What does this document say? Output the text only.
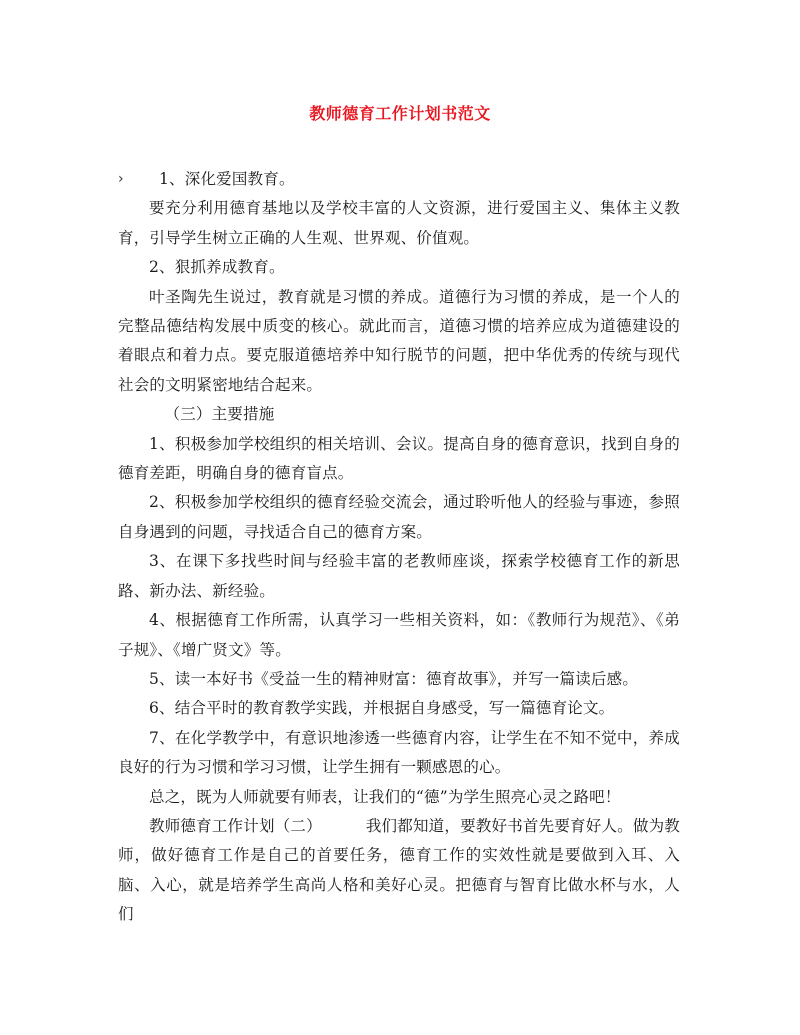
教师德育工作计划书范文
›	1、深化爱国教育。

要充分利用德育基地以及学校丰富的人文资源，进行爱国主义、集体主义教育，引导学生树立正确的人生观、世界观、价值观。

2、狠抓养成教育。

叶圣陶先生说过，教育就是习惯的养成。道德行为习惯的养成，是一个人的完整品德结构发展中质变的核心。就此而言，道德习惯的培养应成为道德建设的着眼点和着力点。要克服道德培养中知行脱节的问题，把中华优秀的传统与现代社会的文明紧密地结合起来。

（三）主要措施

1、积极参加学校组织的相关培训、会议。提高自身的德育意识，找到自身的德育差距，明确自身的德育盲点。

2、积极参加学校组织的德育经验交流会，通过聆听他人的经验与事迹，参照自身遇到的问题，寻找适合自己的德育方案。

3、在课下多找些时间与经验丰富的老教师座谈，探索学校德育工作的新思路、新办法、新经验。

4、根据德育工作所需，认真学习一些相关资料，如：《教师行为规范》、《弟子规》、《增广贤文》等。

5、读一本好书《受益一生的精神财富：德育故事》，并写一篇读后感。

6、结合平时的教育教学实践，并根据自身感受，写一篇德育论文。

7、在化学教学中，有意识地渗透一些德育内容，让学生在不知不觉中，养成良好的行为习惯和学习习惯，让学生拥有一颗感恩的心。

总之，既为人师就要有师表，让我们的“德”为学生照亮心灵之路吧！

教师德育工作计划（二）	我们都知道，要教好书首先要育好人。做为教师，做好德育工作是自己的首要任务，德育工作的实效性就是要做到入耳、入脑、入心，就是培养学生高尚人格和美好心灵。把德育与智育比做水杯与水，人们
